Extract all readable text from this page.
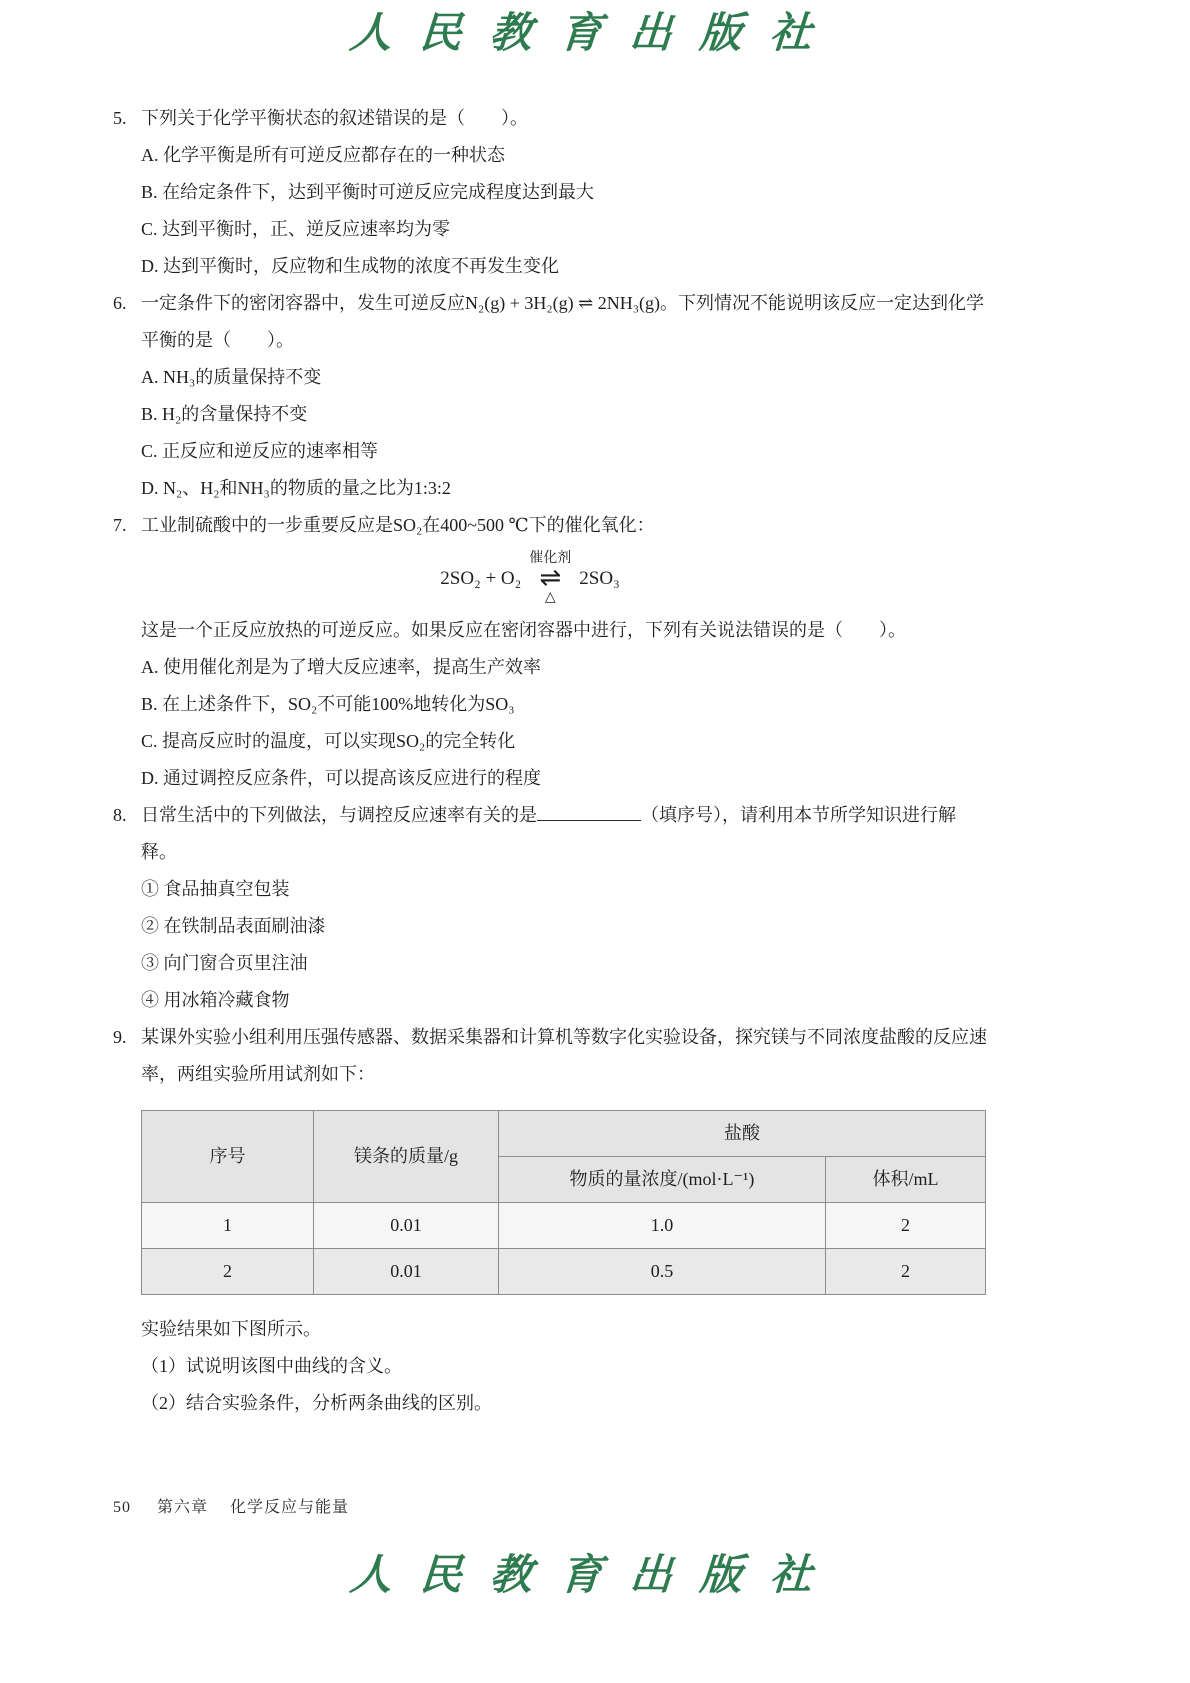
人民教育出版社
5. 下列关于化学平衡状态的叙述错误的是（　　）。
A. 化学平衡是所有可逆反应都存在的一种状态
B. 在给定条件下，达到平衡时可逆反应完成程度达到最大
C. 达到平衡时，正、逆反应速率均为零
D. 达到平衡时，反应物和生成物的浓度不再发生变化
6. 一定条件下的密闭容器中，发生可逆反应N₂(g) + 3H₂(g) ⇌ 2NH₃(g)。下列情况不能说明该反应一定达到化学平衡的是（　　）。
A. NH₃的质量保持不变
B. H₂的含量保持不变
C. 正反应和逆反应的速率相等
D. N₂、H₂和NH₃的物质的量之比为1:3:2
7. 工业制硫酸中的一步重要反应是SO₂在400~500 ℃下的催化氧化：
2SO₂ + O₂
催化剂
⇌
△
2SO₃
这是一个正反应放热的可逆反应。如果反应在密闭容器中进行，下列有关说法错误的是（　　）。
A. 使用催化剂是为了增大反应速率，提高生产效率
B. 在上述条件下，SO₂不可能100%地转化为SO₃
C. 提高反应时的温度，可以实现SO₂的完全转化
D. 通过调控反应条件，可以提高该反应进行的程度
8. 日常生活中的下列做法，与调控反应速率有关的是	（填序号），请利用本节所学知识进行解释。
① 食品抽真空包装
② 在铁制品表面刷油漆
③ 向门窗合页里注油
④ 用冰箱冷藏食物
9. 某课外实验小组利用压强传感器、数据采集器和计算机等数字化实验设备，探究镁与不同浓度盐酸的反应速率，两组实验所用试剂如下：
序号	镁条的质量/g	盐酸	
		物质的量浓度/(mol·L⁻¹)	体积/mL
1	0.01	1.0	2
2	0.01	0.5	2
实验结果如下图所示。
（1）试说明该图中曲线的含义。
（2）结合实验条件，分析两条曲线的区别。
50 第六章 化学反应与能量
人民教育出版社
